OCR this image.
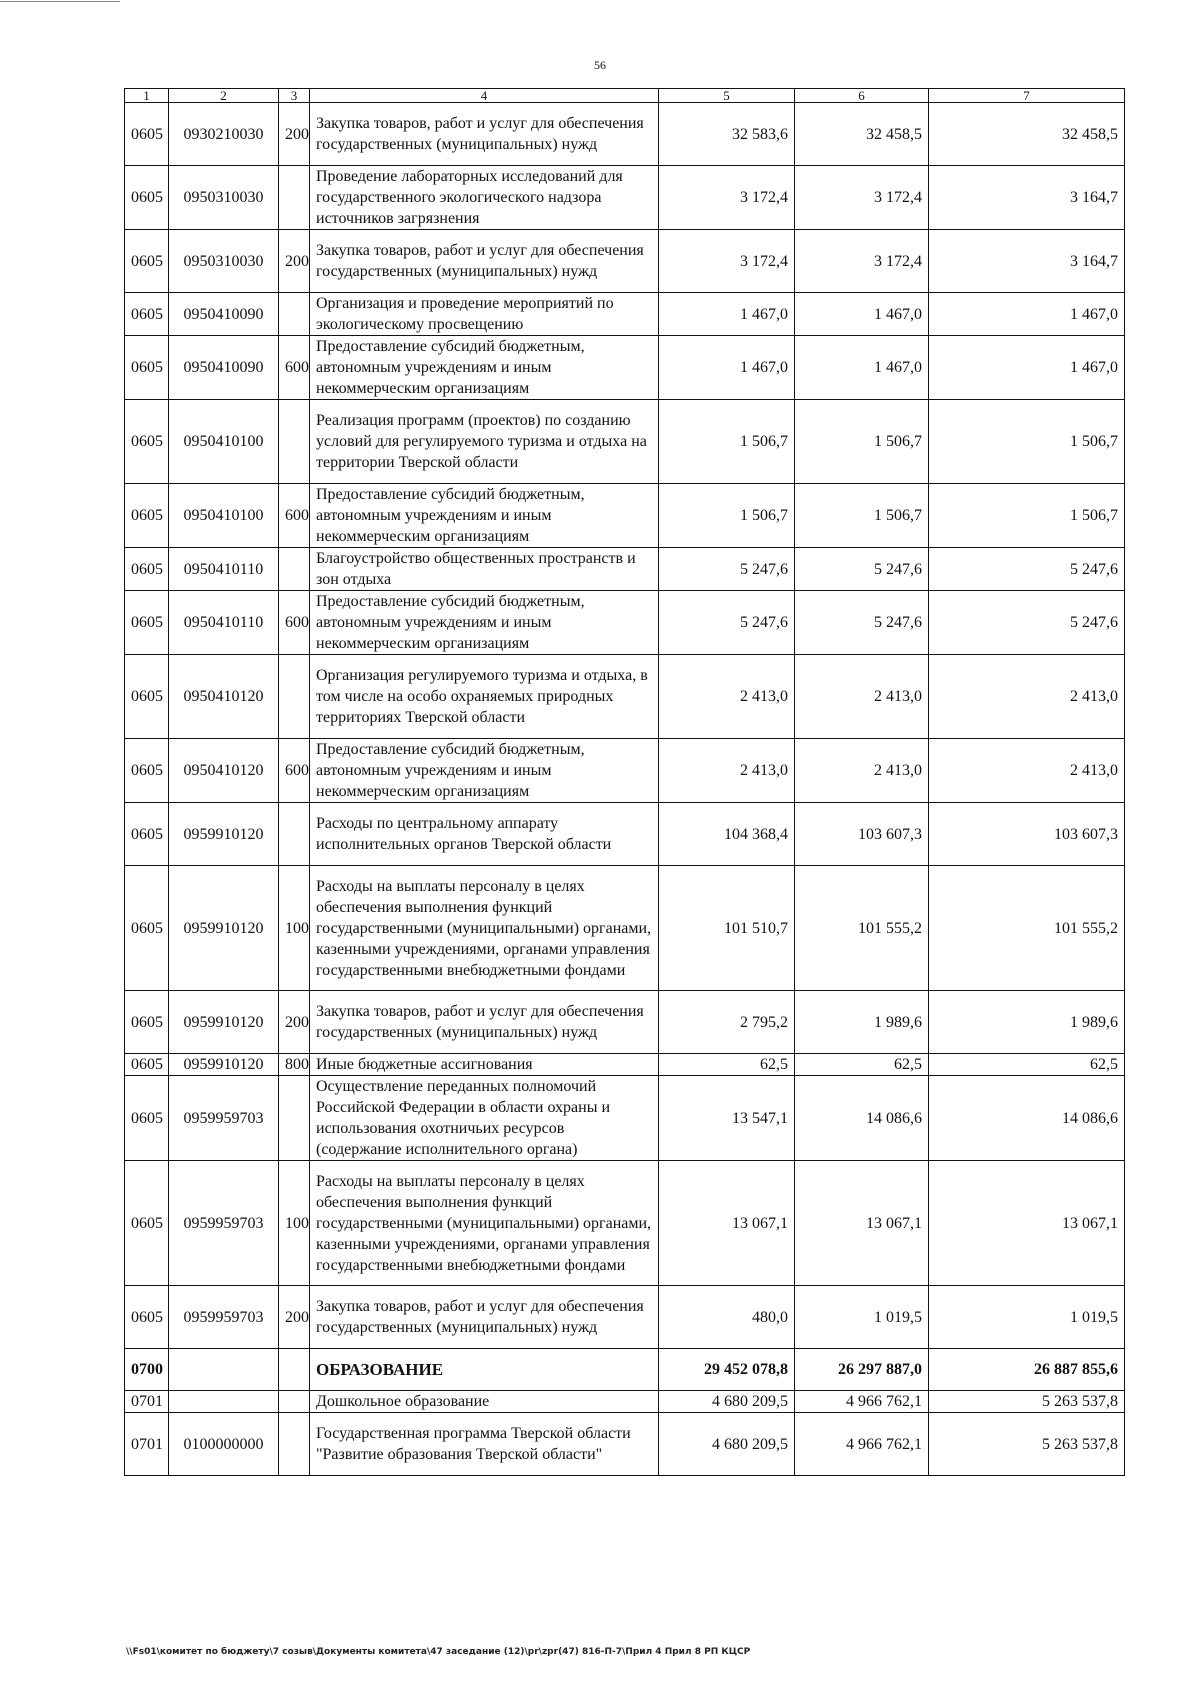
56
1	2	3	4	5	6	7
0605	0930210030	200	Закупка товаров, работ и услуг для обеспечения государственных (муниципальных) нужд	32 583,6	32 458,5	32 458,5
0605	0950310030		Проведение лабораторных исследований для государственного экологического надзора источников загрязнения	3 172,4	3 172,4	3 164,7
0605	0950310030	200	Закупка товаров, работ и услуг для обеспечения государственных (муниципальных) нужд	3 172,4	3 172,4	3 164,7
0605	0950410090		Организация и проведение мероприятий по экологическому просвещению	1 467,0	1 467,0	1 467,0
0605	0950410090	600	Предоставление субсидий бюджетным, автономным учреждениям и иным некоммерческим организациям	1 467,0	1 467,0	1 467,0
0605	0950410100		Реализация программ (проектов) по созданию условий для регулируемого туризма и отдыха на территории Тверской области	1 506,7	1 506,7	1 506,7
0605	0950410100	600	Предоставление субсидий бюджетным, автономным учреждениям и иным некоммерческим организациям	1 506,7	1 506,7	1 506,7
0605	0950410110		Благоустройство общественных пространств и зон отдыха	5 247,6	5 247,6	5 247,6
0605	0950410110	600	Предоставление субсидий бюджетным, автономным учреждениям и иным некоммерческим организациям	5 247,6	5 247,6	5 247,6
0605	0950410120		Организация регулируемого туризма и отдыха, в том числе на особо охраняемых природных территориях Тверской области	2 413,0	2 413,0	2 413,0
0605	0950410120	600	Предоставление субсидий бюджетным, автономным учреждениям и иным некоммерческим организациям	2 413,0	2 413,0	2 413,0
0605	0959910120		Расходы по центральному аппарату исполнительных органов Тверской области	104 368,4	103 607,3	103 607,3
0605	0959910120	100	Расходы на выплаты персоналу в целях обеспечения выполнения функций государственными (муниципальными) органами, казенными учреждениями, органами управления государственными внебюджетными фондами	101 510,7	101 555,2	101 555,2
0605	0959910120	200	Закупка товаров, работ и услуг для обеспечения государственных (муниципальных) нужд	2 795,2	1 989,6	1 989,6
0605	0959910120	800	Иные бюджетные ассигнования	62,5	62,5	62,5
0605	0959959703		Осуществление переданных полномочий Российской Федерации в области охраны и использования охотничьих ресурсов (содержание исполнительного органа)	13 547,1	14 086,6	14 086,6
0605	0959959703	100	Расходы на выплаты персоналу в целях обеспечения выполнения функций государственными (муниципальными) органами, казенными учреждениями, органами управления государственными внебюджетными фондами	13 067,1	13 067,1	13 067,1
0605	0959959703	200	Закупка товаров, работ и услуг для обеспечения государственных (муниципальных) нужд	480,0	1 019,5	1 019,5
0700			ОБРАЗОВАНИЕ	29 452 078,8	26 297 887,0	26 887 855,6
0701			Дошкольное образование	4 680 209,5	4 966 762,1	5 263 537,8
0701	0100000000		Государственная программа Тверской области "Развитие образования Тверской области"	4 680 209,5	4 966 762,1	5 263 537,8
\\Fs01\комитет по бюджету\7 созыв\Документы комитета\47 заседание (12)\pr\zpr(47) 816-П-7\Прил 4 Прил 8 РП КЦСР
